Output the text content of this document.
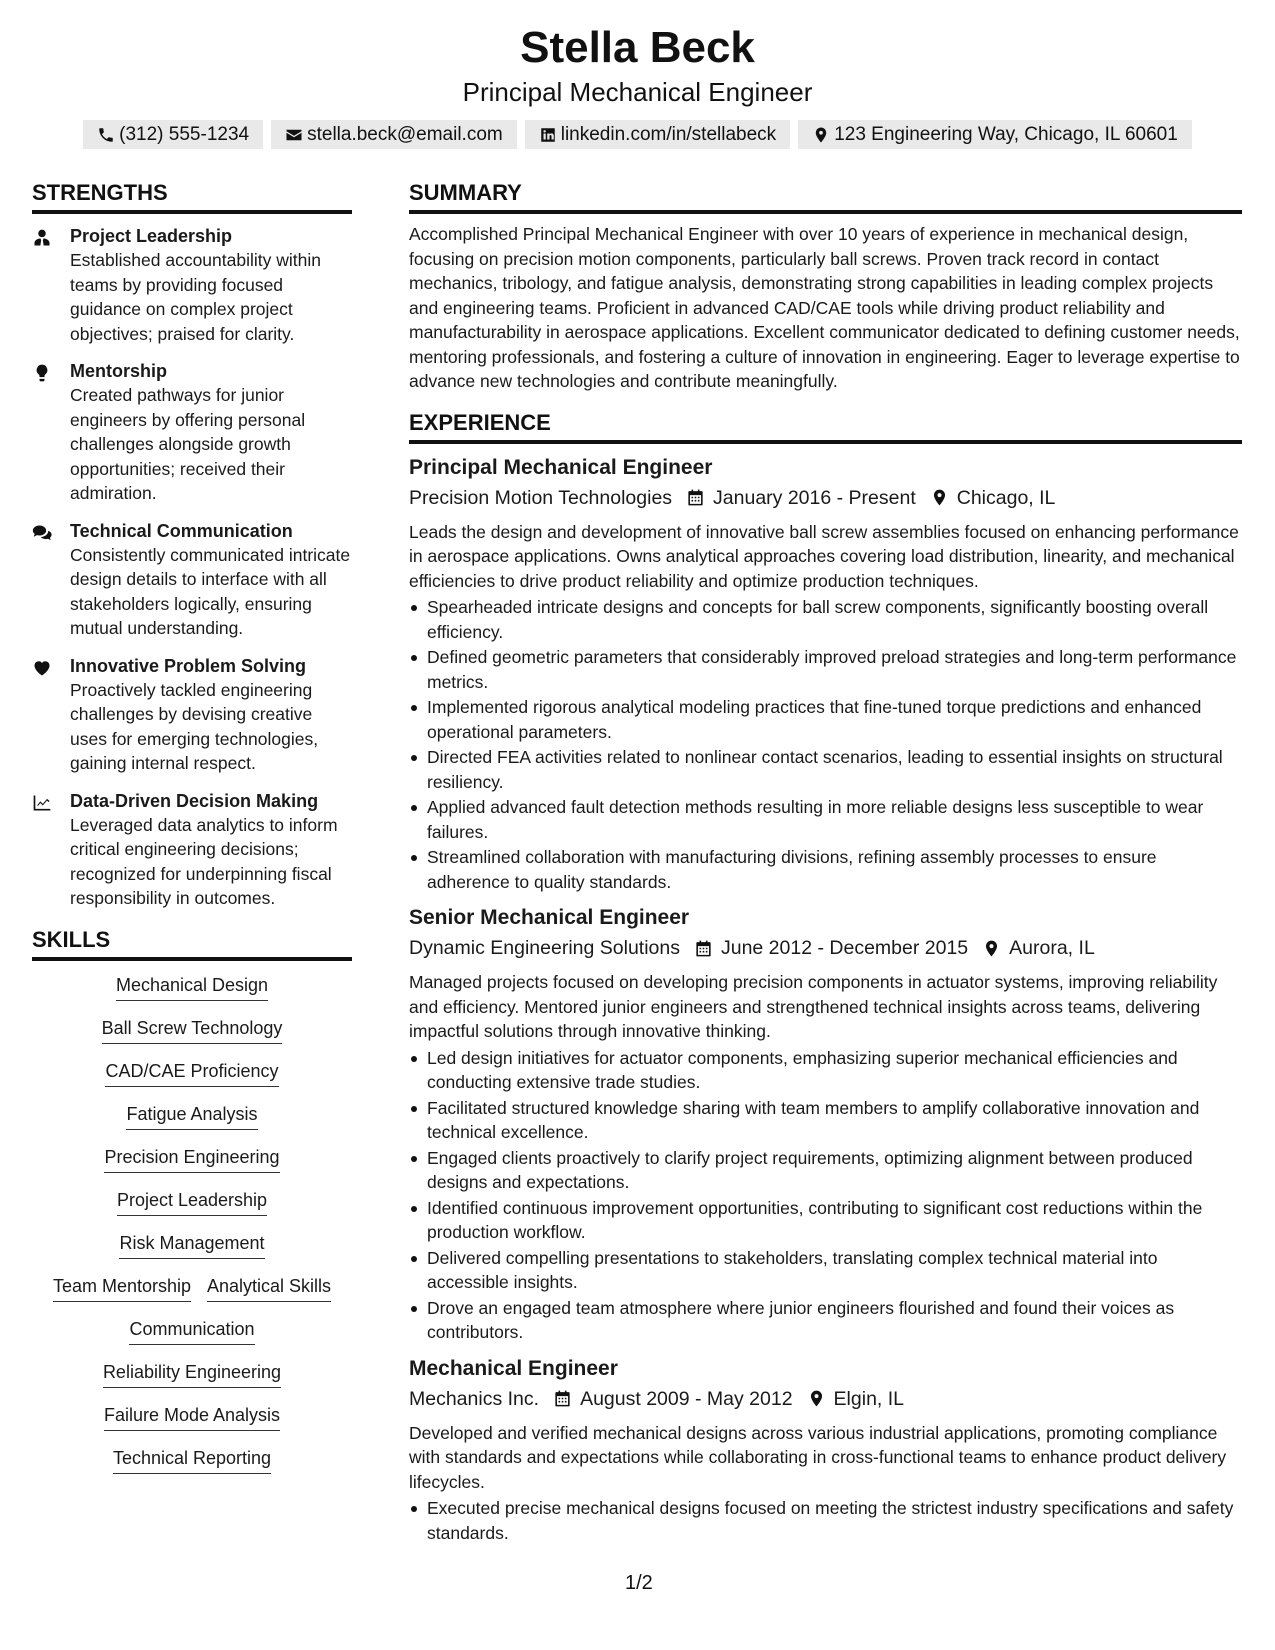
Stella Beck
Principal Mechanical Engineer
(312) 555-1234	stella.beck@email.com	linkedin.com/in/stellabeck	123 Engineering Way, Chicago, IL 60601
STRENGTHS
Project Leadership
Established accountability within teams by providing focused guidance on complex project objectives; praised for clarity.
Mentorship
Created pathways for junior engineers by offering personal challenges alongside growth opportunities; received their admiration.
Technical Communication
Consistently communicated intricate design details to interface with all stakeholders logically, ensuring mutual understanding.
Innovative Problem Solving
Proactively tackled engineering challenges by devising creative uses for emerging technologies, gaining internal respect.
Data-Driven Decision Making
Leveraged data analytics to inform critical engineering decisions; recognized for underpinning fiscal responsibility in outcomes.
SKILLS
Mechanical Design
Ball Screw Technology
CAD/CAE Proficiency
Fatigue Analysis
Precision Engineering
Project Leadership
Risk Management
Team Mentorship Analytical Skills
Communication
Reliability Engineering
Failure Mode Analysis
Technical Reporting
SUMMARY
Accomplished Principal Mechanical Engineer with over 10 years of experience in mechanical design, focusing on precision motion components, particularly ball screws. Proven track record in contact mechanics, tribology, and fatigue analysis, demonstrating strong capabilities in leading complex projects and engineering teams. Proficient in advanced CAD/CAE tools while driving product reliability and manufacturability in aerospace applications. Excellent communicator dedicated to defining customer needs, mentoring professionals, and fostering a culture of innovation in engineering. Eager to leverage expertise to advance new technologies and contribute meaningfully.
EXPERIENCE
Principal Mechanical Engineer
Precision Motion Technologies January 2016 - Present Chicago, IL
Leads the design and development of innovative ball screw assemblies focused on enhancing performance in aerospace applications. Owns analytical approaches covering load distribution, linearity, and mechanical efficiencies to drive product reliability and optimize production techniques.
Spearheaded intricate designs and concepts for ball screw components, significantly boosting overall efficiency.
Defined geometric parameters that considerably improved preload strategies and long-term performance metrics.
Implemented rigorous analytical modeling practices that fine-tuned torque predictions and enhanced operational parameters.
Directed FEA activities related to nonlinear contact scenarios, leading to essential insights on structural resiliency.
Applied advanced fault detection methods resulting in more reliable designs less susceptible to wear failures.
Streamlined collaboration with manufacturing divisions, refining assembly processes to ensure adherence to quality standards.
Senior Mechanical Engineer
Dynamic Engineering Solutions June 2012 - December 2015 Aurora, IL
Managed projects focused on developing precision components in actuator systems, improving reliability and efficiency. Mentored junior engineers and strengthened technical insights across teams, delivering impactful solutions through innovative thinking.
Led design initiatives for actuator components, emphasizing superior mechanical efficiencies and conducting extensive trade studies.
Facilitated structured knowledge sharing with team members to amplify collaborative innovation and technical excellence.
Engaged clients proactively to clarify project requirements, optimizing alignment between produced designs and expectations.
Identified continuous improvement opportunities, contributing to significant cost reductions within the production workflow.
Delivered compelling presentations to stakeholders, translating complex technical material into accessible insights.
Drove an engaged team atmosphere where junior engineers flourished and found their voices as contributors.
Mechanical Engineer
Mechanics Inc. August 2009 - May 2012 Elgin, IL
Developed and verified mechanical designs across various industrial applications, promoting compliance with standards and expectations while collaborating in cross-functional teams to enhance product delivery lifecycles.
Executed precise mechanical designs focused on meeting the strictest industry specifications and safety standards.
1/2
